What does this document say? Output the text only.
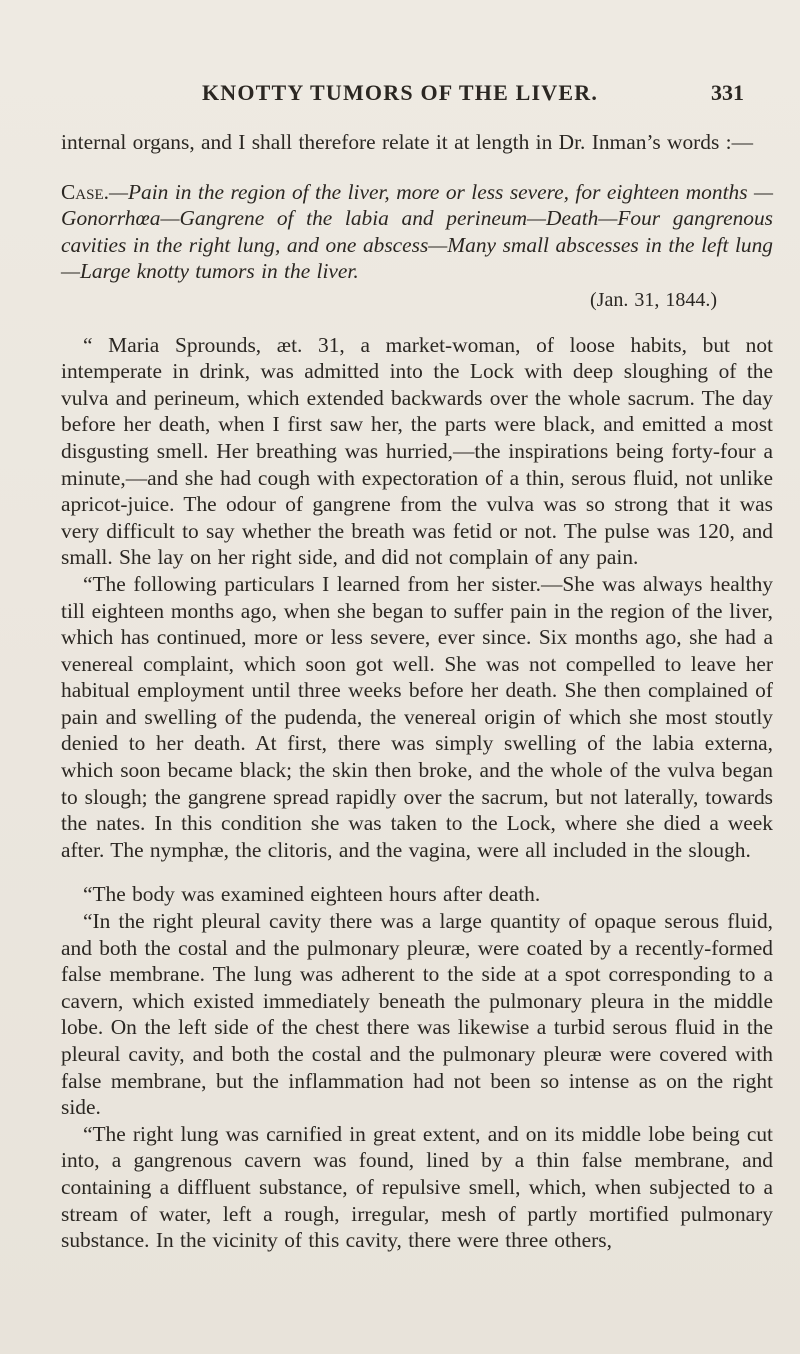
KNOTTY TUMORS OF THE LIVER.	331

internal organs, and I shall therefore relate it at length in Dr. Inman’s words :—

Case.—Pain in the region of the liver, more or less severe, for eighteen months —Gonorrhœa—Gangrene of the labia and perineum—Death—Four gangrenous cavities in the right lung, and one abscess—Many small abscesses in the left lung—Large knotty tumors in the liver.

(Jan. 31, 1844.)

“ Maria Sprounds, æt. 31, a market-woman, of loose habits, but not intemperate in drink, was admitted into the Lock with deep sloughing of the vulva and perineum, which extended backwards over the whole sacrum. The day before her death, when I first saw her, the parts were black, and emitted a most disgusting smell. Her breathing was hurried,—the inspirations being forty-four a minute,—and she had cough with expectoration of a thin, serous fluid, not unlike apricot-juice. The odour of gangrene from the vulva was so strong that it was very difficult to say whether the breath was fetid or not. The pulse was 120, and small. She lay on her right side, and did not complain of any pain.

“The following particulars I learned from her sister.—She was always healthy till eighteen months ago, when she began to suffer pain in the region of the liver, which has continued, more or less severe, ever since. Six months ago, she had a venereal complaint, which soon got well. She was not compelled to leave her habitual employment until three weeks before her death. She then complained of pain and swelling of the pudenda, the venereal origin of which she most stoutly denied to her death. At first, there was simply swelling of the labia externa, which soon became black; the skin then broke, and the whole of the vulva began to slough; the gangrene spread rapidly over the sacrum, but not laterally, towards the nates. In this condition she was taken to the Lock, where she died a week after. The nymphæ, the clitoris, and the vagina, were all included in the slough.

“The body was examined eighteen hours after death.

“In the right pleural cavity there was a large quantity of opaque serous fluid, and both the costal and the pulmonary pleuræ, were coated by a recently-formed false membrane. The lung was adherent to the side at a spot corresponding to a cavern, which existed immediately beneath the pulmonary pleura in the middle lobe. On the left side of the chest there was likewise a turbid serous fluid in the pleural cavity, and both the costal and the pulmonary pleuræ were covered with false membrane, but the inflammation had not been so intense as on the right side.

“The right lung was carnified in great extent, and on its middle lobe being cut into, a gangrenous cavern was found, lined by a thin false membrane, and containing a diffluent substance, of repulsive smell, which, when subjected to a stream of water, left a rough, irregular, mesh of partly mortified pulmonary substance. In the vicinity of this cavity, there were three others,
